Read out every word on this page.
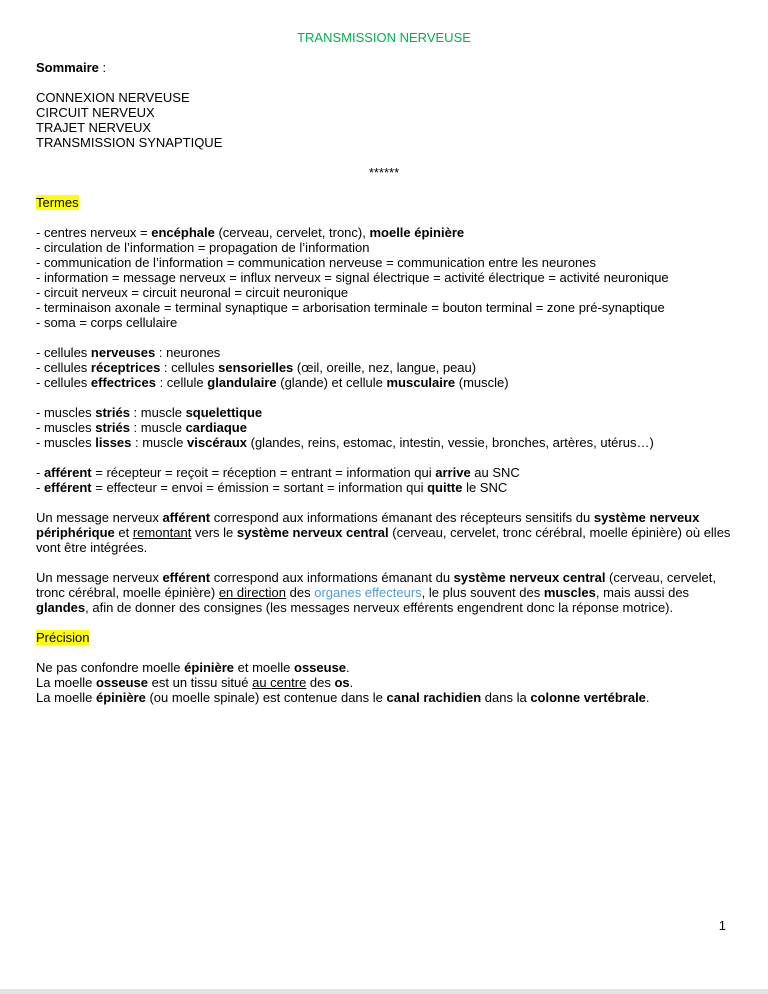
TRANSMISSION NERVEUSE

Sommaire :

CONNEXION NERVEUSE
CIRCUIT NERVEUX
TRAJET NERVEUX
TRANSMISSION SYNAPTIQUE

******

Termes

- centres nerveux = encéphale (cerveau, cervelet, tronc), moelle épinière
- circulation de l’information = propagation de l’information
- communication de l’information = communication nerveuse = communication entre les neurones
- information = message nerveux = influx nerveux = signal électrique = activité électrique = activité neuronique
- circuit nerveux = circuit neuronal = circuit neuronique
- terminaison axonale = terminal synaptique = arborisation terminale = bouton terminal = zone pré-synaptique
- soma = corps cellulaire

- cellules nerveuses : neurones
- cellules réceptrices : cellules sensorielles (œil, oreille, nez, langue, peau)
- cellules effectrices : cellule glandulaire (glande) et cellule musculaire (muscle)

- muscles striés : muscle squelettique
- muscles striés : muscle cardiaque
- muscles lisses : muscle viscéraux (glandes, reins, estomac, intestin, vessie, bronches, artères, utérus…)

- afférent = récepteur = reçoit = réception = entrant = information qui arrive au SNC
- efférent = effecteur = envoi = émission = sortant = information qui quitte le SNC

Un message nerveux afférent correspond aux informations émanant des récepteurs sensitifs du système nerveux périphérique et remontant vers le système nerveux central (cerveau, cervelet, tronc cérébral, moelle épinière) où elles vont être intégrées.

Un message nerveux efférent correspond aux informations émanant du système nerveux central (cerveau, cervelet, tronc cérébral, moelle épinière) en direction des organes effecteurs, le plus souvent des muscles, mais aussi des glandes, afin de donner des consignes (les messages nerveux efférents engendrent donc la réponse motrice).

Précision

Ne pas confondre moelle épinière et moelle osseuse.
La moelle osseuse est un tissu situé au centre des os.
La moelle épinière (ou moelle spinale) est contenue dans le canal rachidien dans la colonne vertébrale.
1
